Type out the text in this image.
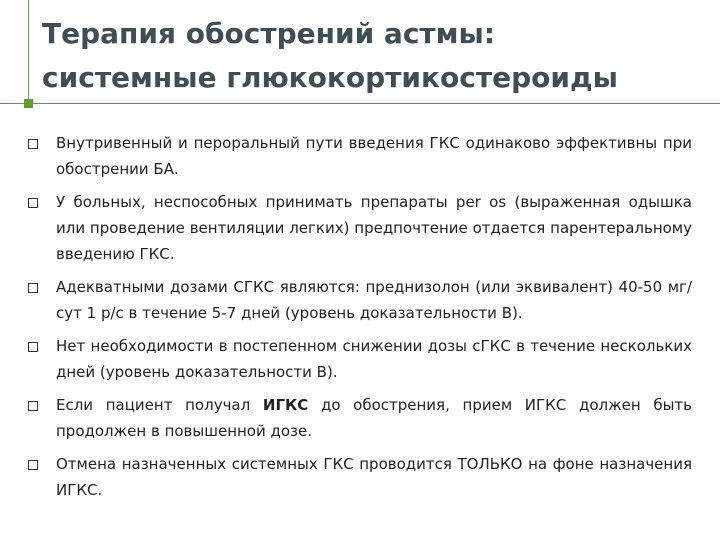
Терапия обострений астмы:
системные глюкокортикостероиды
Внутривенный и пероральный пути введения ГКС одинаково эффективны при обострении БА.
У больных, неспособных принимать препараты per os (выраженная одышка или проведение вентиляции легких) предпочтение отдается парентеральному введению ГКС.
Адекватными дозами СГКС являются: преднизолон (или эквивалент) 40-50 мг/сут 1 р/с в течение 5-7 дней (уровень доказательности B).
Нет необходимости в постепенном снижении дозы сГКС в течение нескольких дней (уровень доказательности B).
Если пациент получал ИГКС до обострения, прием ИГКС должен быть продолжен в повышенной дозе.
Отмена назначенных системных ГКС проводится ТОЛЬКО на фоне назначения ИГКС.
